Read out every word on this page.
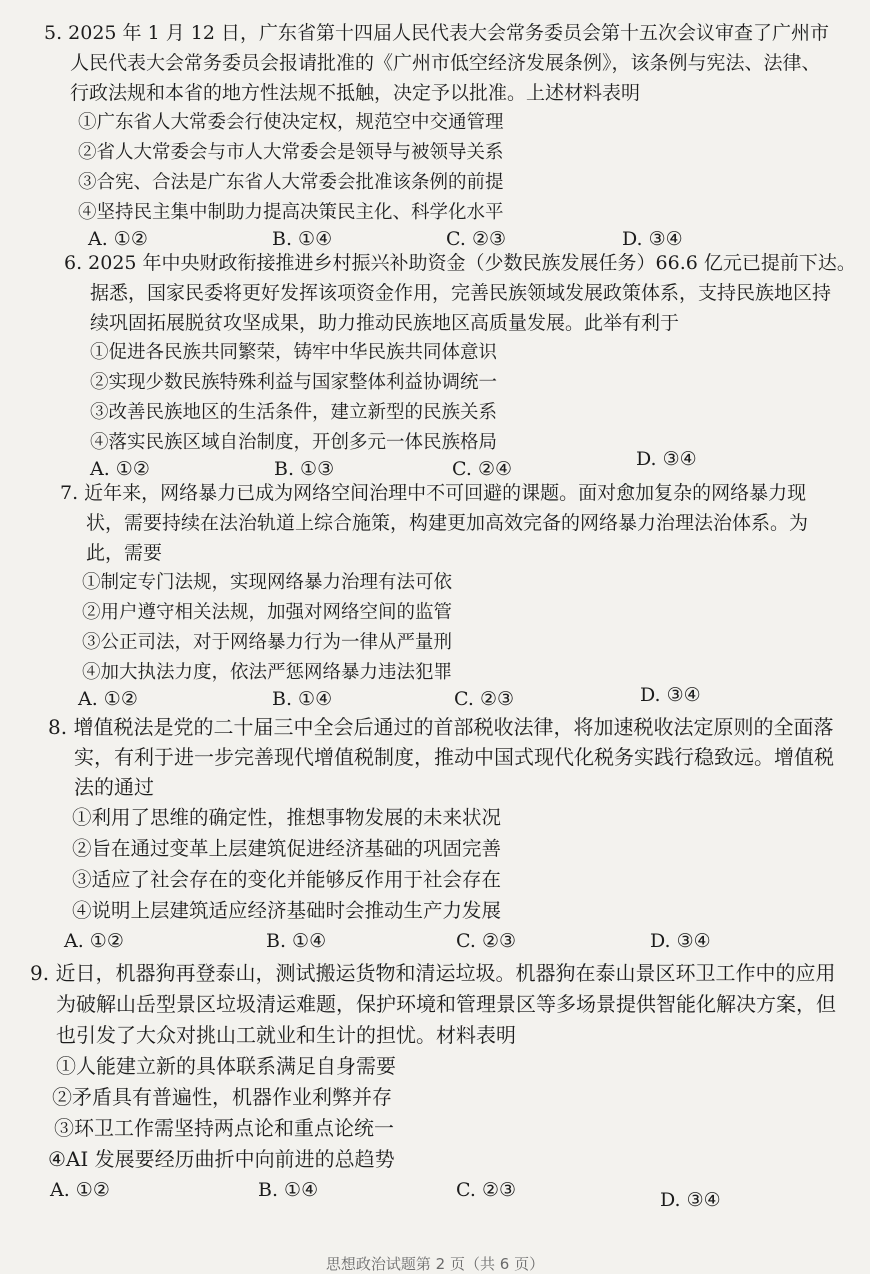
5. 2025 年 1 月 12 日，广东省第十四届人民代表大会常务委员会第十五次会议审查了广州市
人民代表大会常务委员会报请批准的《广州市低空经济发展条例》，该条例与宪法、法律、
行政法规和本省的地方性法规不抵触，决定予以批准。上述材料表明
①广东省人大常委会行使决定权，规范空中交通管理
②省人大常委会与市人大常委会是领导与被领导关系
③合宪、合法是广东省人大常委会批准该条例的前提
④坚持民主集中制助力提高决策民主化、科学化水平
A. ①②	B. ①④	C. ②③	D. ③④
6. 2025 年中央财政衔接推进乡村振兴补助资金（少数民族发展任务）66.6 亿元已提前下达。
据悉，国家民委将更好发挥该项资金作用，完善民族领域发展政策体系，支持民族地区持
续巩固拓展脱贫攻坚成果，助力推动民族地区高质量发展。此举有利于
①促进各民族共同繁荣，铸牢中华民族共同体意识
②实现少数民族特殊利益与国家整体利益协调统一
③改善民族地区的生活条件，建立新型的民族关系
④落实民族区域自治制度，开创多元一体民族格局
A. ①②	B. ①③	C. ②④	D. ③④
7. 近年来，网络暴力已成为网络空间治理中不可回避的课题。面对愈加复杂的网络暴力现
状，需要持续在法治轨道上综合施策，构建更加高效完备的网络暴力治理法治体系。为
此，需要
①制定专门法规，实现网络暴力治理有法可依
②用户遵守相关法规，加强对网络空间的监管
③公正司法，对于网络暴力行为一律从严量刑
④加大执法力度，依法严惩网络暴力违法犯罪
A. ①②	B. ①④	C. ②③	D. ③④
8. 增值税法是党的二十届三中全会后通过的首部税收法律，将加速税收法定原则的全面落
实，有利于进一步完善现代增值税制度，推动中国式现代化税务实践行稳致远。增值税
法的通过
①利用了思维的确定性，推想事物发展的未来状况
②旨在通过变革上层建筑促进经济基础的巩固完善
③适应了社会存在的变化并能够反作用于社会存在
④说明上层建筑适应经济基础时会推动生产力发展
A. ①②	B. ①④	C. ②③	D. ③④
9. 近日，机器狗再登泰山，测试搬运货物和清运垃圾。机器狗在泰山景区环卫工作中的应用
为破解山岳型景区垃圾清运难题，保护环境和管理景区等多场景提供智能化解决方案，但
也引发了大众对挑山工就业和生计的担忧。材料表明
①人能建立新的具体联系满足自身需要
②矛盾具有普遍性，机器作业利弊并存
③环卫工作需坚持两点论和重点论统一
④AI 发展要经历曲折中向前进的总趋势
A. ①②	B. ①④	C. ②③	D. ③④
思想政治试题第 2 页（共 6 页）
